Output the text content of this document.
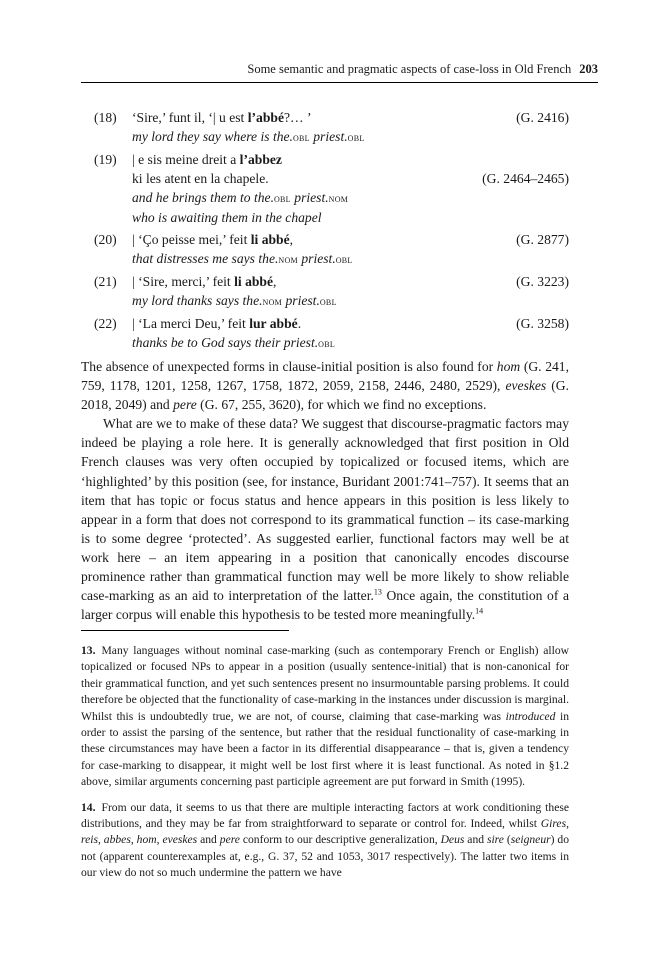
Some semantic and pragmatic aspects of case-loss in Old French 203
(18) ‘Sire,’ funt il, ‘| u est l’abbé?… ’	(G. 2416)
my lord they say where is the.obl priest.obl
(19) | e sis meine dreit a l’abbez
ki les atent en la chapele.	(G. 2464–2465)
and he brings them to the.obl priest.nom
who is awaiting them in the chapel
(20) | ‘Ço peisse mei,’ feit li abbé,	(G. 2877)
that distresses me says the.nom priest.obl
(21) | ‘Sire, merci,’ feit li abbé,	(G. 3223)
my lord thanks says the.nom priest.obl
(22) | ‘La merci Deu,’ feit lur abbé.	(G. 3258)
thanks be to God says their priest.obl

The absence of unexpected forms in clause-initial position is also found for hom (G. 241, 759, 1178, 1201, 1258, 1267, 1758, 1872, 2059, 2158, 2446, 2480, 2529), eveskes (G. 2018, 2049) and pere (G. 67, 255, 3620), for which we find no exceptions.

What are we to make of these data? We suggest that discourse-pragmatic factors may indeed be playing a role here. It is generally acknowledged that first position in Old French clauses was very often occupied by topicalized or focused items, which are ‘highlighted’ by this position (see, for instance, Buridant 2001:741–757). It seems that an item that has topic or focus status and hence appears in this position is less likely to appear in a form that does not correspond to its grammatical function – its case-marking is to some degree ‘protected’. As suggested earlier, functional factors may well be at work here – an item appearing in a position that canonically encodes discourse prominence rather than grammatical function may well be more likely to show reliable case-marking as an aid to interpretation of the latter.$^{13}$ Once again, the constitution of a larger corpus will enable this hypothesis to be tested more meaningfully.$^{14}$

13. Many languages without nominal case-marking (such as contemporary French or English) allow topicalized or focused NPs to appear in a position (usually sentence-initial) that is non-canonical for their grammatical function, and yet such sentences present no insurmountable parsing problems. It could therefore be objected that the functionality of case-marking in the instances under discussion is marginal. Whilst this is undoubtedly true, we are not, of course, claiming that case-marking was introduced in order to assist the parsing of the sentence, but rather that the residual functionality of case-marking in these circumstances may have been a factor in its differential disappearance – that is, given a tendency for case-marking to disappear, it might well be lost first where it is least functional. As noted in §1.2 above, similar arguments concerning past participle agreement are put forward in Smith (1995).

14. From our data, it seems to us that there are multiple interacting factors at work conditioning these distributions, and they may be far from straightforward to separate or control for. Indeed, whilst Gires, reis, abbes, hom, eveskes and pere conform to our descriptive generalization, Deus and sire (seigneur) do not (apparent counterexamples at, e.g., G. 37, 52 and 1053, 3017 respectively). The latter two items in our view do not so much undermine the pattern we have
